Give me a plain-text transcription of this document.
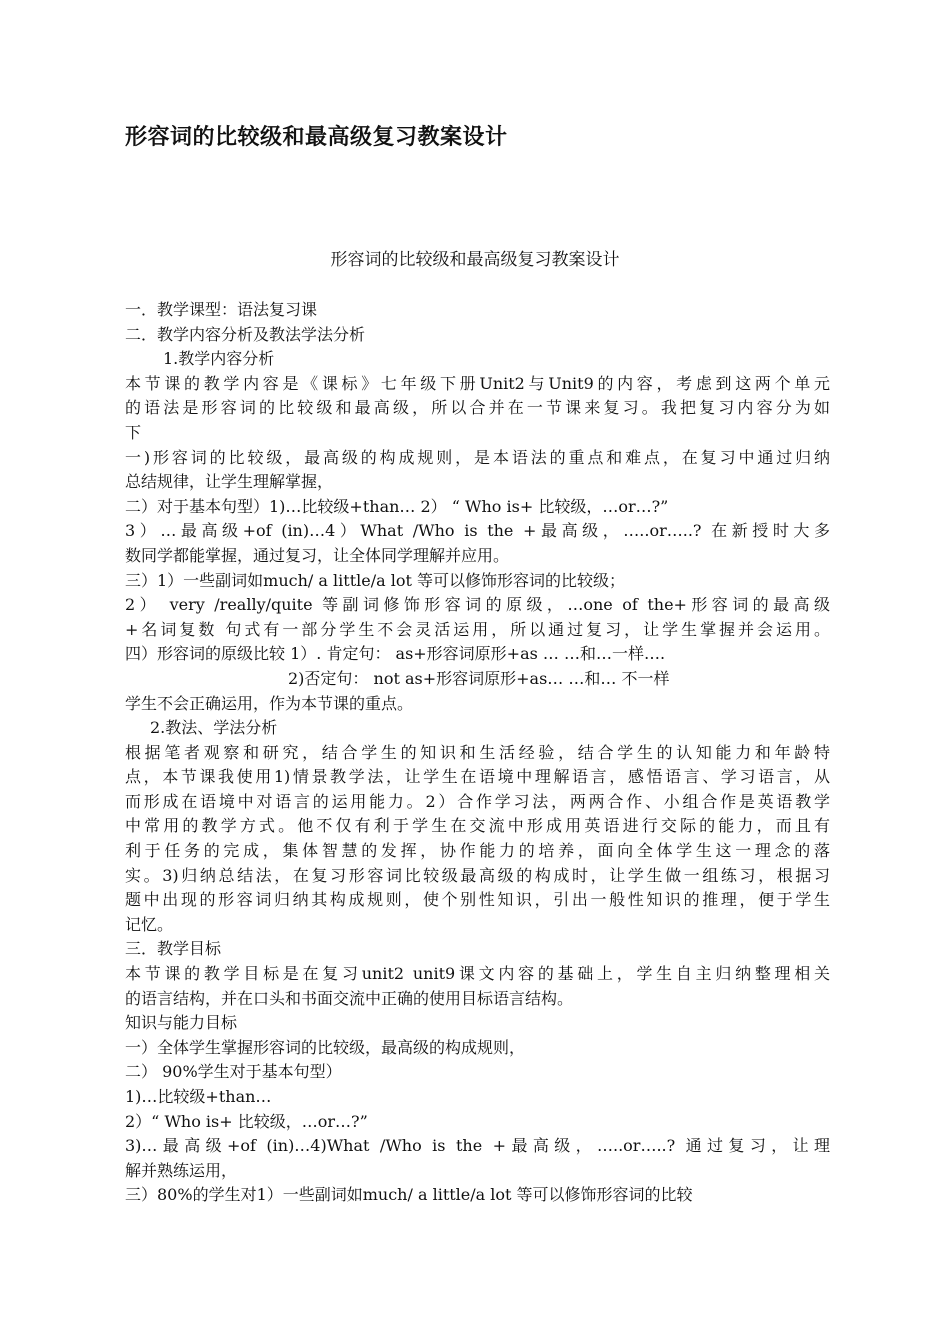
形容词的比较级和最高级复习教案设计

形容词的比较级和最高级复习教案设计

一．教学课型：语法复习课
二．教学内容分析及教法学法分析
1.教学内容分析
本节课的教学内容是《课标》七年级下册Unit2与Unit9的内容，考虑到这两个单元
的语法是形容词的比较级和最高级，所以合并在一节课来复习。我把复习内容分为如
下
一)形容词的比较级，最高级的构成规则，是本语法的重点和难点，在复习中通过归纳
总结规律，让学生理解掌握，
二）对于基本句型）1)…比较级+than… 2） “ Who is+ 比较级，…or…?”
3）…最高级+of (in)…4）What /Who is the +最高级，…..or…..? 在新授时大多
数同学都能掌握，通过复习，让全体同学理解并应用。
三）1）一些副词如much/ a little/a lot 等可以修饰形容词的比较级；
2） very /really/quite 等副词修饰形容词的原级，…one of the+形容词的最高级
+名词复数 句式有一部分学生不会灵活运用，所以通过复习，让学生掌握并会运用。
四）形容词的原级比较 1）. 肯定句： as+形容词原形+as … …和…一样….
2)否定句： not as+形容词原形+as… …和… 不一样
学生不会正确运用，作为本节课的重点。
2.教法、学法分析
根据笔者观察和研究，结合学生的知识和生活经验，结合学生的认知能力和年龄特
点，本节课我使用1)情景教学法，让学生在语境中理解语言，感悟语言、学习语言，从
而形成在语境中对语言的运用能力。2）合作学习法，两两合作、小组合作是英语教学
中常用的教学方式。他不仅有利于学生在交流中形成用英语进行交际的能力，而且有
利于任务的完成，集体智慧的发挥，协作能力的培养，面向全体学生这一理念的落
实。3)归纳总结法，在复习形容词比较级最高级的构成时，让学生做一组练习，根据习
题中出现的形容词归纳其构成规则，使个别性知识，引出一般性知识的推理，便于学生
记忆。
三．教学目标
本节课的教学目标是在复习unit2 unit9课文内容的基础上，学生自主归纳整理相关
的语言结构，并在口头和书面交流中正确的使用目标语言结构。
知识与能力目标
一）全体学生掌握形容词的比较级，最高级的构成规则，
二） 90%学生对于基本句型）
1)…比较级+than…
2）“ Who is+ 比较级，…or…?”
3)…最高级+of (in)…4)What /Who is the +最高级，…..or…..? 通过复习，让理
解并熟练运用，
三）80%的学生对1）一些副词如much/ a little/a lot 等可以修饰形容词的比较
